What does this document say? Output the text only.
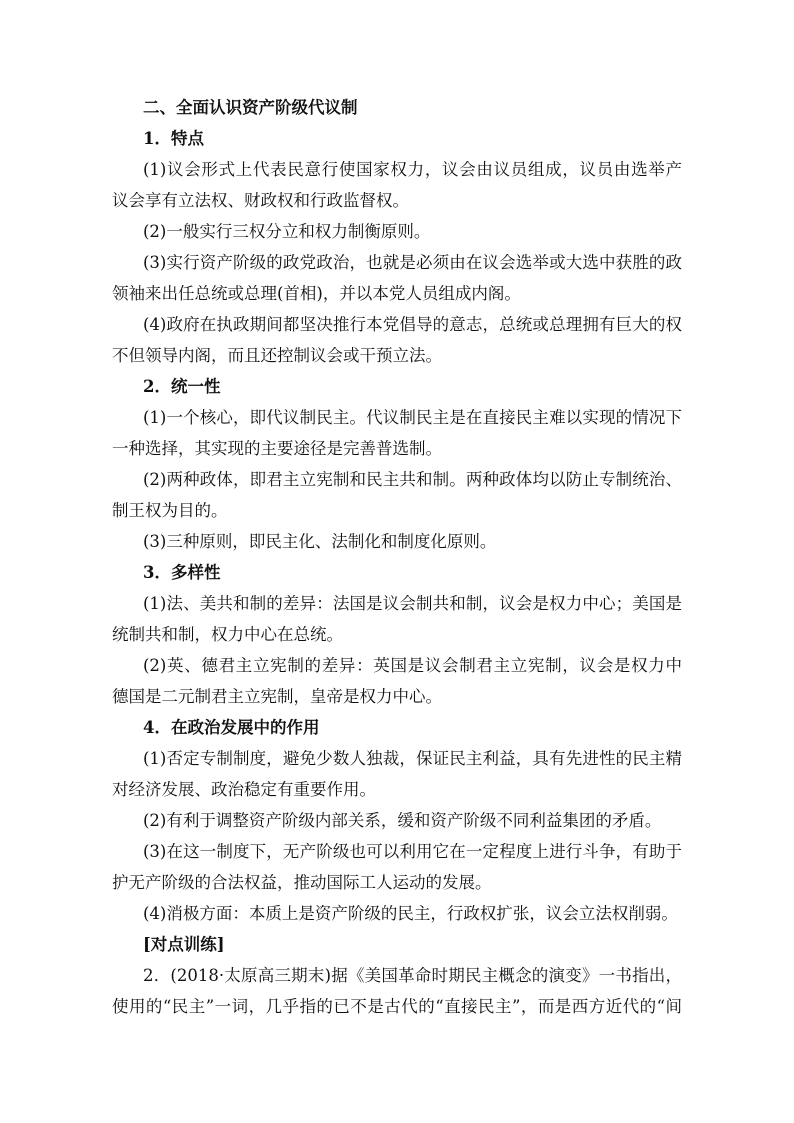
二、全面认识资产阶级代议制
1．特点
(1)议会形式上代表民意行使国家权力，议会由议员组成，议员由选举产
议会享有立法权、财政权和行政监督权。
(2)一般实行三权分立和权力制衡原则。
(3)实行资产阶级的政党政治，也就是必须由在议会选举或大选中获胜的政
领袖来出任总统或总理(首相)，并以本党人员组成内阁。
(4)政府在执政期间都坚决推行本党倡导的意志，总统或总理拥有巨大的权
不但领导内阁，而且还控制议会或干预立法。
2．统一性
(1)一个核心，即代议制民主。代议制民主是在直接民主难以实现的情况下
一种选择，其实现的主要途径是完善普选制。
(2)两种政体，即君主立宪制和民主共和制。两种政体均以防止专制统治、
制王权为目的。
(3)三种原则，即民主化、法制化和制度化原则。
3．多样性
(1)法、美共和制的差异：法国是议会制共和制，议会是权力中心；美国是
统制共和制，权力中心在总统。
(2)英、德君主立宪制的差异：英国是议会制君主立宪制，议会是权力中
德国是二元制君主立宪制，皇帝是权力中心。
4．在政治发展中的作用
(1)否定专制制度，避免少数人独裁，保证民主利益，具有先进性的民主精
对经济发展、政治稳定有重要作用。
(2)有利于调整资产阶级内部关系，缓和资产阶级不同利益集团的矛盾。
(3)在这一制度下，无产阶级也可以利用它在一定程度上进行斗争，有助于
护无产阶级的合法权益，推动国际工人运动的发展。
(4)消极方面：本质上是资产阶级的民主，行政权扩张，议会立法权削弱。
[对点训练]
2．(2018·太原高三期末)据《美国革命时期民主概念的演变》一书指出，
使用的“民主”一词，几乎指的已不是古代的“直接民主”，而是西方近代的“间
